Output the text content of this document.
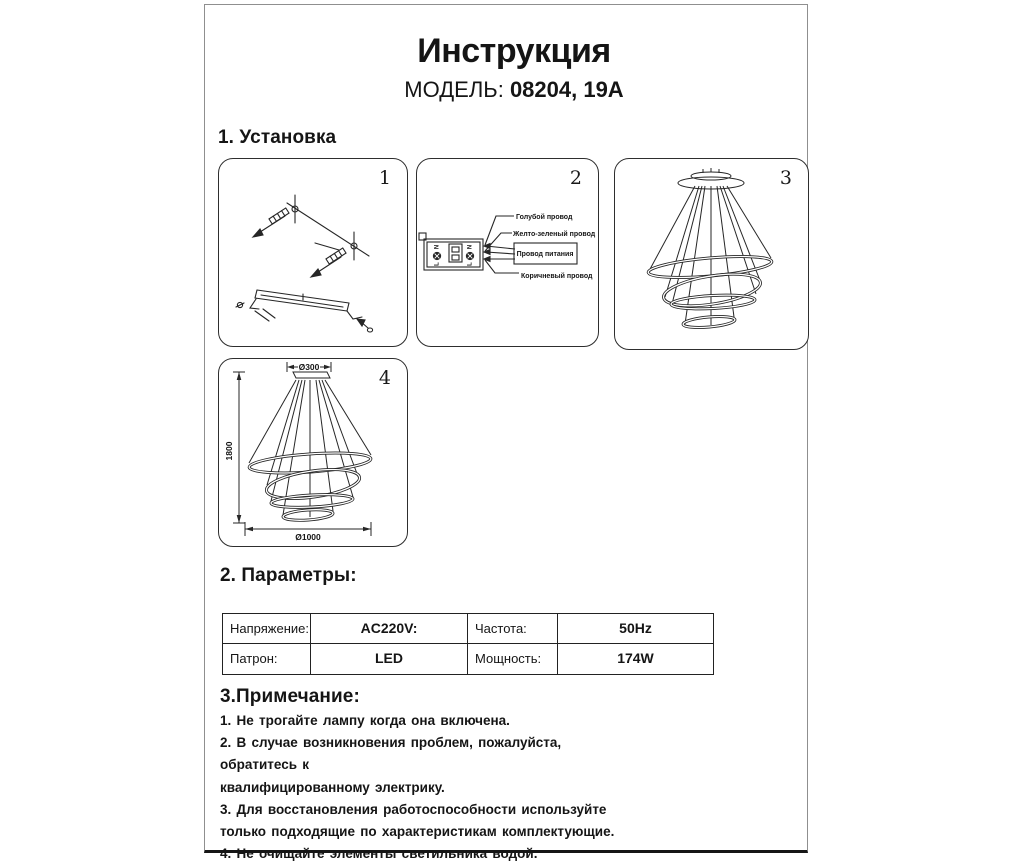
Инструкция
МОДЕЛЬ: 08204, 19A
1. Установка
1	2
N
L
N
L
Голубой провод
Желто-зеленый провод
Провод питания
Коричневый провод
3
4
Ø300
1800
Ø1000
2. Параметры:
Напряжение:	AC220V:	Частота:	50Hz
Патрон:	LED	Мощность:	174W
3.Примечание:
1. Не трогайте лампу когда она включена.
2. В случае возникновения проблем, пожалуйста, обратитесь к
квалифицированному электрику.
3. Для восстановления работоспособности используйте
только подходящие по характеристикам комплектующие.
4. Не очищайте элементы светильника водой.
